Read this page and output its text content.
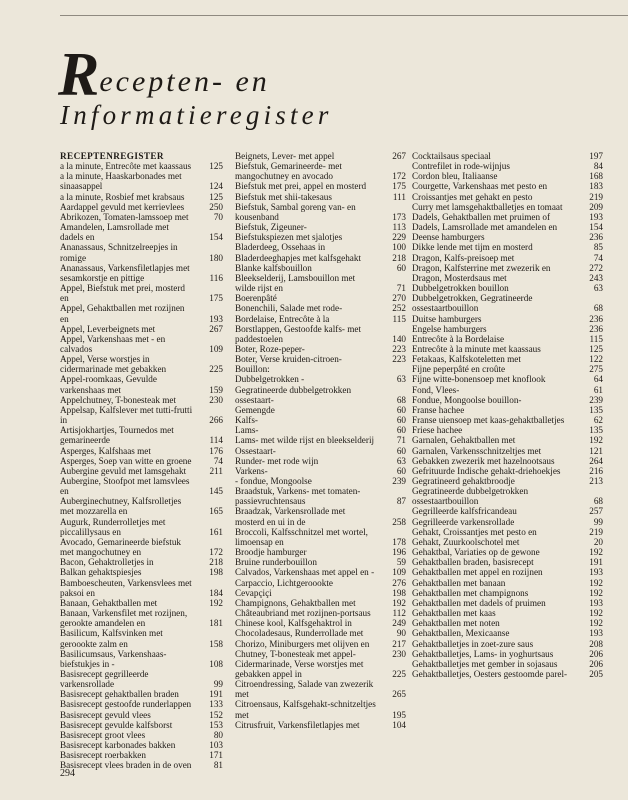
Recepten- en
Informatieregister
RECEPTENREGISTER
a la minute, Entrecôte met kaassaus	125
a la minute, Haaskarbonades met sinaasappel	124
a la minute, Rosbief met krabsaus	125
Aardappel gevuld met kerrievlees	250
Abrikozen, Tomaten-lamssoep met	70
Amandelen, Lamsrollade met dadels en	154
Ananassaus, Schnitzelreepjes in romige	180
Ananassaus, Varkensfiletlapjes met sesamkorstje en pittige	116
Appel, Biefstuk met prei, mosterd en	175
Appel, Gehaktballen met rozijnen en	193
Appel, Leverbeignets met	267
Appel, Varkenshaas met - en calvados	109
Appel, Verse worstjes in cidermarinade met gebakken	225
Appel-roomkaas, Gevulde varkenshaas met	159
Appelchutney, T-bonesteak met	230
Appelsap, Kalfslever met tutti-frutti in	266
Artisjokhartjes, Tournedos met gemarineerde	114
Asperges, Kalfshaas met	176
Asperges, Soep van witte en groene	74
Aubergine gevuld met lamsgehakt	211
Aubergine, Stoofpot met lamsvlees en	145
Auberginechutney, Kalfsrolletjes met mozzarella en	165
Augurk, Runderrolletjes met piccalillysaus en	161
Avocado, Gemarineerde biefstuk met mangochutney en	172
Bacon, Gehaktrolletjes in	218
Balkan gehaktspiesjes	198
Bamboescheuten, Varkensvlees met paksoi en	184
Banaan, Gehaktballen met	192
Banaan, Varkensfilet met rozijnen, gerookte amandelen en	181
Basilicum, Kalfsvinken met geroookte zalm en	158
Basilicumsaus, Varkenshaas-biefstukjes in -	108
Basisrecept gegrilleerde varkensrollade	99
Basisrecept gehaktballen braden	191
Basisrecept gestoofde runderlappen	133
Basisrecept gevuld vlees	152
Basisrecept gevulde kalfsborst	153
Basisrecept groot vlees	80
Basisrecept karbonades bakken	103
Basisrecept roerbakken	171
Basisrecept vlees braden in de oven	81
Beignets, Lever- met appel	267
Biefstuk, Gemarineerde- met mangochutney en avocado	172
Biefstuk met prei, appel en mosterd	175
Biefstuk met shii-takesaus	111
Biefstuk, Sambal goreng van- en kousenband	173
Biefstuk, Zigeuner-	113
Biefstukspiezen met sjalotjes	229
Bladerdeeg, Ossehaas in	100
Bladerdeeghapjes met kalfsgehakt	218
Blanke kalfsbouillon	60
Bleekselderij, Lamsbouillon met wilde rijst en	71
Boerenpâté	270
Bonenchili, Salade met rode-	252
Bordelaise, Entrecôte à la	115
Borstlappen, Gestoofde kalfs- met paddestoelen	140
Boter, Roze-peper-	223
Boter, Verse kruiden-citroen-	223
Bouillon:
Dubbelgetrokken -	63
Gegratineerde dubbelgetrokken ossestaart-	68
Gemengde	60
Kalfs-	60
Lams-	60
Lams- met wilde rijst en bleekselderij	71
Ossestaart-	60
Runder- met rode wijn	63
Varkens-	60
- fondue, Mongoolse	239
Braadstuk, Varkens- met tomaten-passievruchtensaus	87
Braadzak, Varkensrollade met mosterd en ui in de	258
Broccoli, Kalfsschnitzel met wortel, limoensap en	178
Broodje hamburger	196
Bruine runderbouillon	59
Calvados, Varkenshaas met appel en -	109
Carpaccio, Lichtgeroookte	276
Cevapçiçi	198
Champignons, Gehaktballen met	192
Châteaubriand met rozijnen-portsaus	112
Chinese kool, Kalfsgehaktrol in	249
Chocoladesaus, Runderrollade met	90
Chorizo, Miniburgers met olijven en	217
Chutney, T-bonesteak met appel-	230
Cidermarinade, Verse worstjes met gebakken appel in	225
Citroendressing, Salade van zwezerik met	265
Citroensaus, Kalfsgehakt-schnitzeltjes met	195
Citrusfruit, Varkensfiletlapjes met	104
Cocktailsaus speciaal	197
Contrefilet in rode-wijnjus	84
Cordon bleu, Italiaanse	168
Courgette, Varkenshaas met pesto en	183
Croissantjes met gehakt en pesto	219
Curry met lamsgehaktballetjes en tomaat	209
Dadels, Gehaktballen met pruimen of	193
Dadels, Lamsrollade met amandelen en	154
Deense hamburgers	236
Dikke lende met tijm en mosterd	85
Dragon, Kalfs-preisoep met	74
Dragon, Kalfsterrine met zwezerik en	272
Dragon, Mosterdsaus met	243
Dubbelgetrokken bouillon	63
Dubbelgetrokken, Gegratineerde ossestaartbouillon	68
Duitse hamburgers	236
Engelse hamburgers	236
Entrecôte à la Bordelaise	115
Entrecôte à la minute met kaassaus	125
Fetakaas, Kalfskoteletten met	122
Fijne peperpâté en croûte	275
Fijne witte-bonensoep met knoflook	64
Fond, Vlees-	61
Fondue, Mongoolse bouillon-	239
Franse hachee	135
Franse uiensoep met kaas-gehaktballetjes	62
Friese hachee	135
Garnalen, Gehaktballen met	192
Garnalen, Varkensschnitzeltjes met	121
Gebakken zwezerik met hazelnootsaus	264
Gefrituurde Indische gehakt-driehoekjes	216
Gegratineerd gehaktbroodje	213
Gegratineerde dubbelgetrokken ossestaartbouillon	68
Gegrilleerde kalfsfricandeau	257
Gegrilleerde varkensrollade	99
Gehakt, Croissantjes met pesto en	219
Gehakt, Zuurkoolschotel met	20
Gehaktbal, Variaties op de gewone	192
Gehaktballen braden, basisrecept	191
Gehaktballen met appel en rozijnen	193
Gehaktballen met banaan	192
Gehaktballen met champignons	192
Gehaktballen met dadels of pruimen	193
Gehaktballen met kaas	192
Gehaktballen met noten	192
Gehaktballen, Mexicaanse	193
Gehaktballetjes in zoet-zure saus	208
Gehaktballetjes, Lams- in yoghurtsaus	206
Gehaktballetjes met gember in sojasaus	206
Gehaktballetjes, Oesters gestoomde parel-	205
294
